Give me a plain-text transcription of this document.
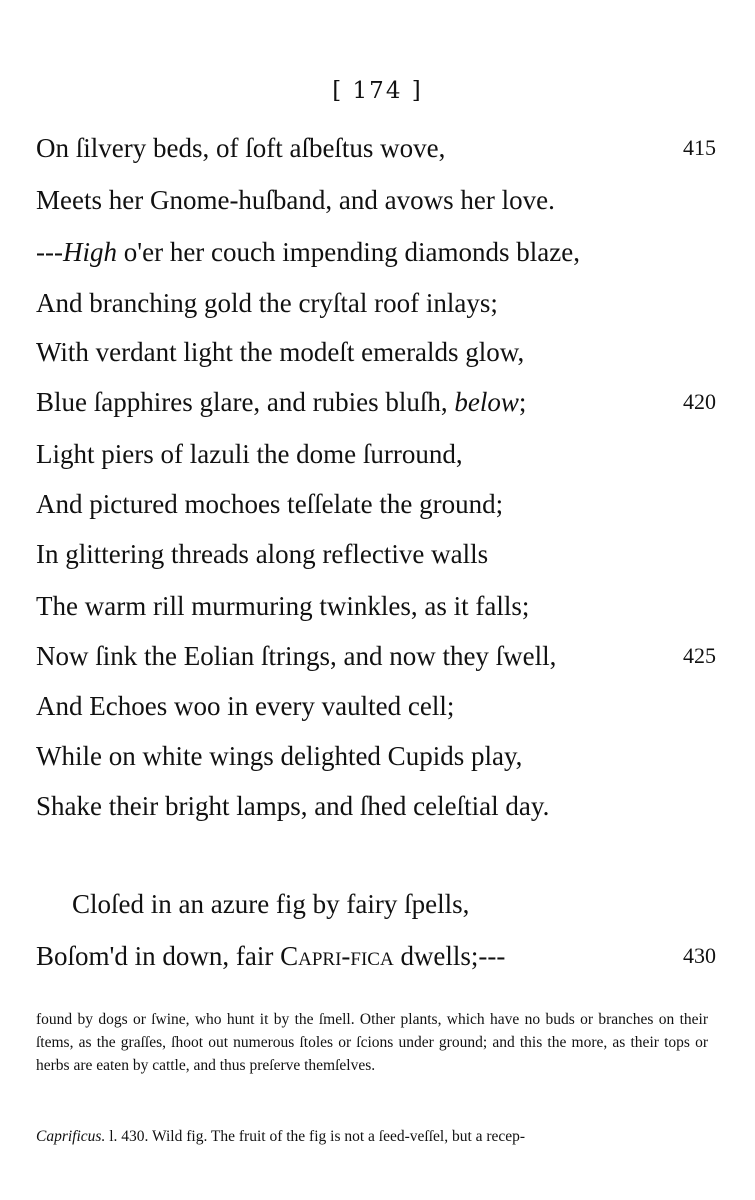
[ 174 ]
On ſilvery beds, of ſoft aſbeſtus wove,	415
Meets her Gnome-huſband, and avows her love.
---High o'er her couch impending diamonds blaze,
And branching gold the cryſtal roof inlays;
With verdant light the modeſt emeralds glow,
Blue ſapphires glare, and rubies bluſh, below;	420
Light piers of lazuli the dome ſurround,
And pictured mochoes teſſelate the ground;
In glittering threads along reflective walls
The warm rill murmuring twinkles, as it falls;
Now ſink the Eolian ſtrings, and now they ſwell,	425
And Echoes woo in every vaulted cell;
While on white wings delighted Cupids play,
Shake their bright lamps, and ſhed celeſtial day.
Cloſed in an azure fig by fairy ſpells,
Boſom'd in down, fair Capri-fica dwells;---	430
found by dogs or ſwine, who hunt it by the ſmell. Other plants, which have no buds or branches on their ſtems, as the graſſes, ſhoot out numerous ſtoles or ſcions under ground; and this the more, as their tops or herbs are eaten by cattle, and thus preſerve themſelves.
Caprificus. l. 430. Wild fig. The fruit of the fig is not a ſeed-veſſel, but a recep-
